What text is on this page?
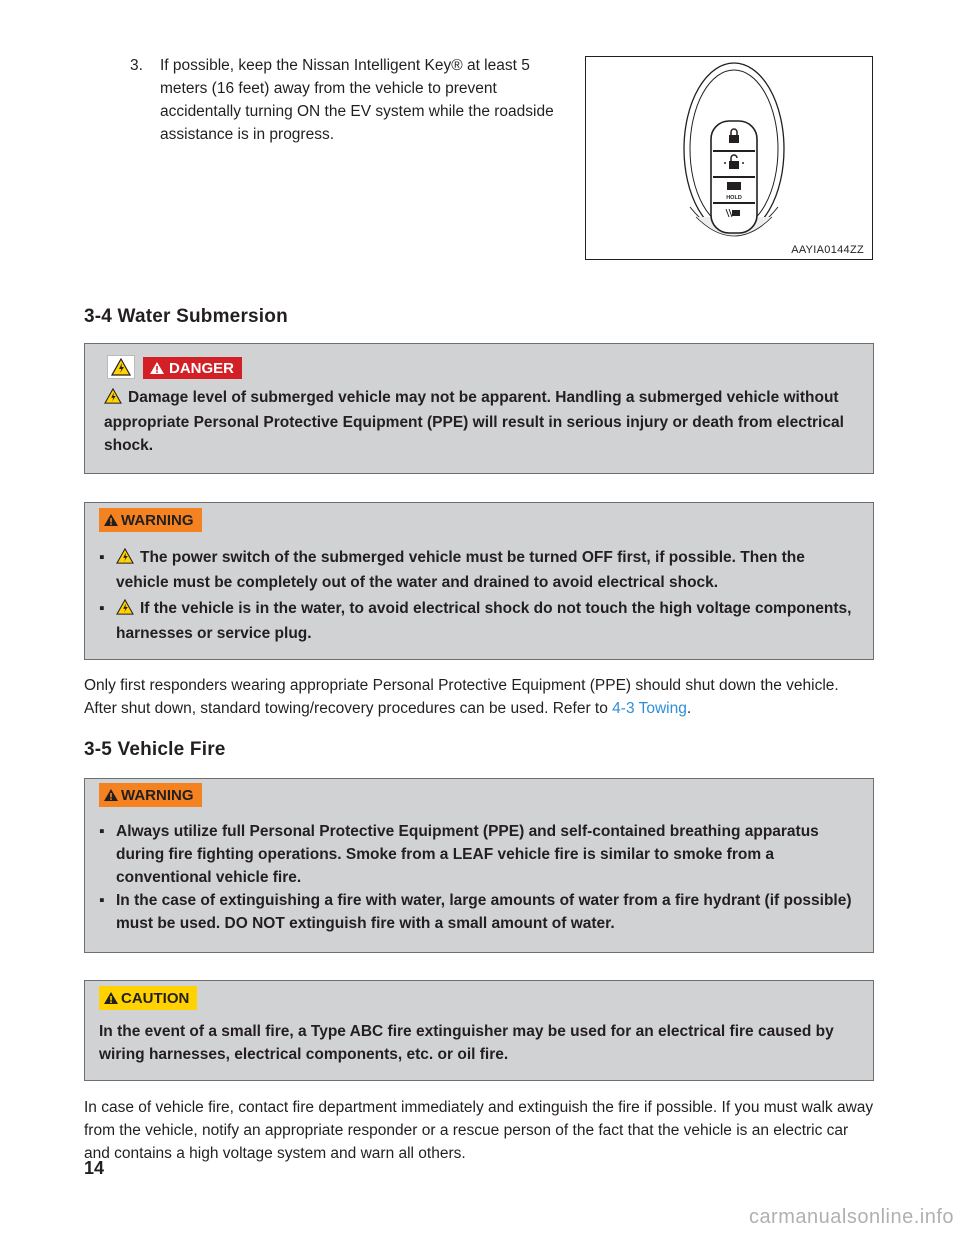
3. If possible, keep the Nissan Intelligent Key® at least 5 meters (16 feet) away from the vehicle to prevent accidentally turning ON the EV system while the roadside assistance is in progress.
HOLD
AAYIA0144ZZ
3-4 Water Submersion
DANGER
Damage level of submerged vehicle may not be apparent. Handling a submerged vehicle without appropriate Personal Protective Equipment (PPE) will result in serious injury or death from electrical shock.
WARNING
▪	The power switch of the submerged vehicle must be turned OFF first, if possible. Then the vehicle must be completely out of the water and drained to avoid electrical shock.
▪	If the vehicle is in the water, to avoid electrical shock do not touch the high voltage components, harnesses or service plug.
Only first responders wearing appropriate Personal Protective Equipment (PPE) should shut down the vehicle. After shut down, standard towing/recovery procedures can be used. Refer to 4-3 Towing.
3-5 Vehicle Fire
WARNING
▪ Always utilize full Personal Protective Equipment (PPE) and self-contained breathing apparatus during fire fighting operations. Smoke from a LEAF vehicle fire is similar to smoke from a conventional vehicle fire.
▪ In the case of extinguishing a fire with water, large amounts of water from a fire hydrant (if possible) must be used. DO NOT extinguish fire with a small amount of water.
CAUTION
In the event of a small fire, a Type ABC fire extinguisher may be used for an electrical fire caused by wiring harnesses, electrical components, etc. or oil fire.
In case of vehicle fire, contact fire department immediately and extinguish the fire if possible. If you must walk away from the vehicle, notify an appropriate responder or a rescue person of the fact that the vehicle is an electric car and contains a high voltage system and warn all others.
14
carmanualsonline.info
